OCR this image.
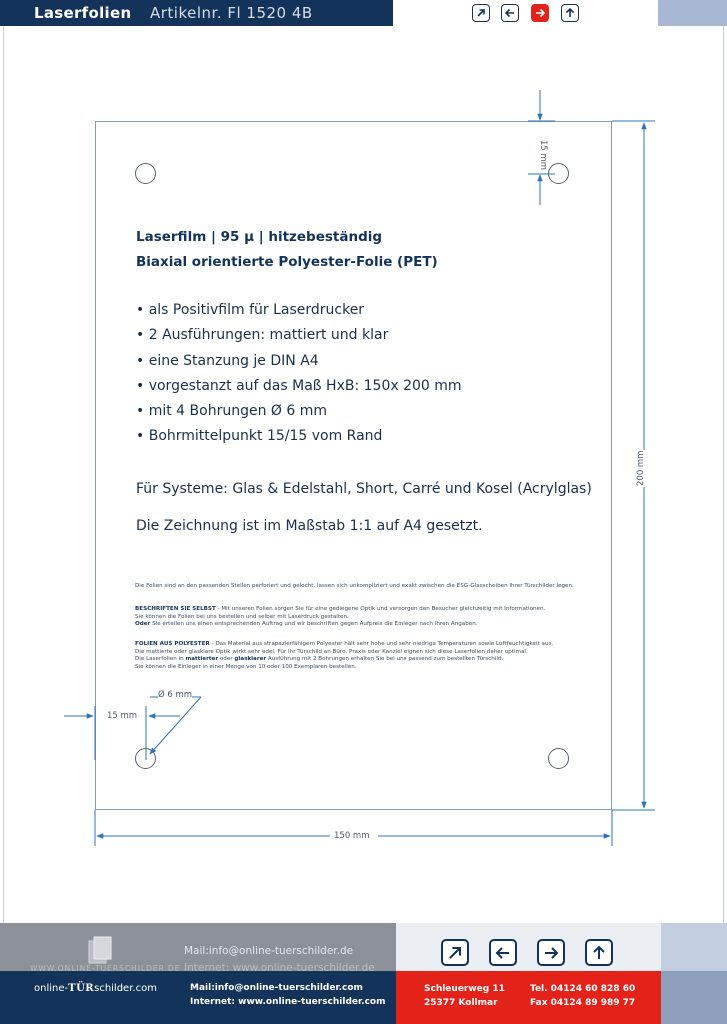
Laserfolien Artikelnr. Fl 1520 4B
15 mm
200 mm
150 mm
15 mm
Ø 6 mm
Laserfilm | 95 µ | hitzebeständig
Biaxial orientierte Polyester-Folie (PET)
• als Positivfilm für Laserdrucker
• 2 Ausführungen: mattiert und klar
• eine Stanzung je DIN A4
• vorgestanzt auf das Maß HxB: 150x 200 mm
• mit 4 Bohrungen Ø 6 mm
• Bohrmittelpunkt 15/15 vom Rand
Für Systeme: Glas & Edelstahl, Short, Carré und Kosel (Acrylglas)
Die Zeichnung ist im Maßstab 1:1 auf A4 gesetzt.
Die Folien sind an den passenden Stellen perforiert und gelocht, lassen sich unkompliziert und exakt zwischen die ESG-Glasscheiben Ihrer Türschilder legen.
BESCHRIFTEN SIE SELBST - Mit unseren Folien sorgen Sie für eine gediegene Optik und versorgen den Besucher gleichzeitig mit Informationen.
Sie können die Folien bei uns bestellen und selber mit Laserdruck gestalten.
Oder Sie erteilen uns einen entsprechenden Auftrag und wir beschriften gegen Aufpreis die Einleger nach Ihren Angaben.
FOLIEN AUS POLYESTER - Das Material aus strapazierfähigem Polyester hält sehr hohe und sehr niedrige Temperaturen sowie Luftfeuchtigkeit aus.
Die mattierte oder glasklare Optik wirkt sehr edel. Für Ihr Türschild an Büro, Praxis oder Kanzlei eignen sich diese Laserfolien daher optimal.
Die Laserfolien in mattierter oder glasklarer Ausführung mit 2 Bohrungen erhalten Sie bei uns passend zum bestellten Türschild.
Sie können die Einleger in einer Menge von 10 oder 100 Exemplaren bestellen.
Mail:info@online-tuerschilder.de
Internet: www.online-tuerschilder.de
WWW.ONLINE-TUERSCHILDER.DE
online-TÜRschilder.com	Mail:info@online-tuerschilder.com
Internet: www.online-tuerschilder.com
Schleuerweg 11
25377 Kollmar
Tel. 04124 60 828 60
Fax 04124 89 989 77
